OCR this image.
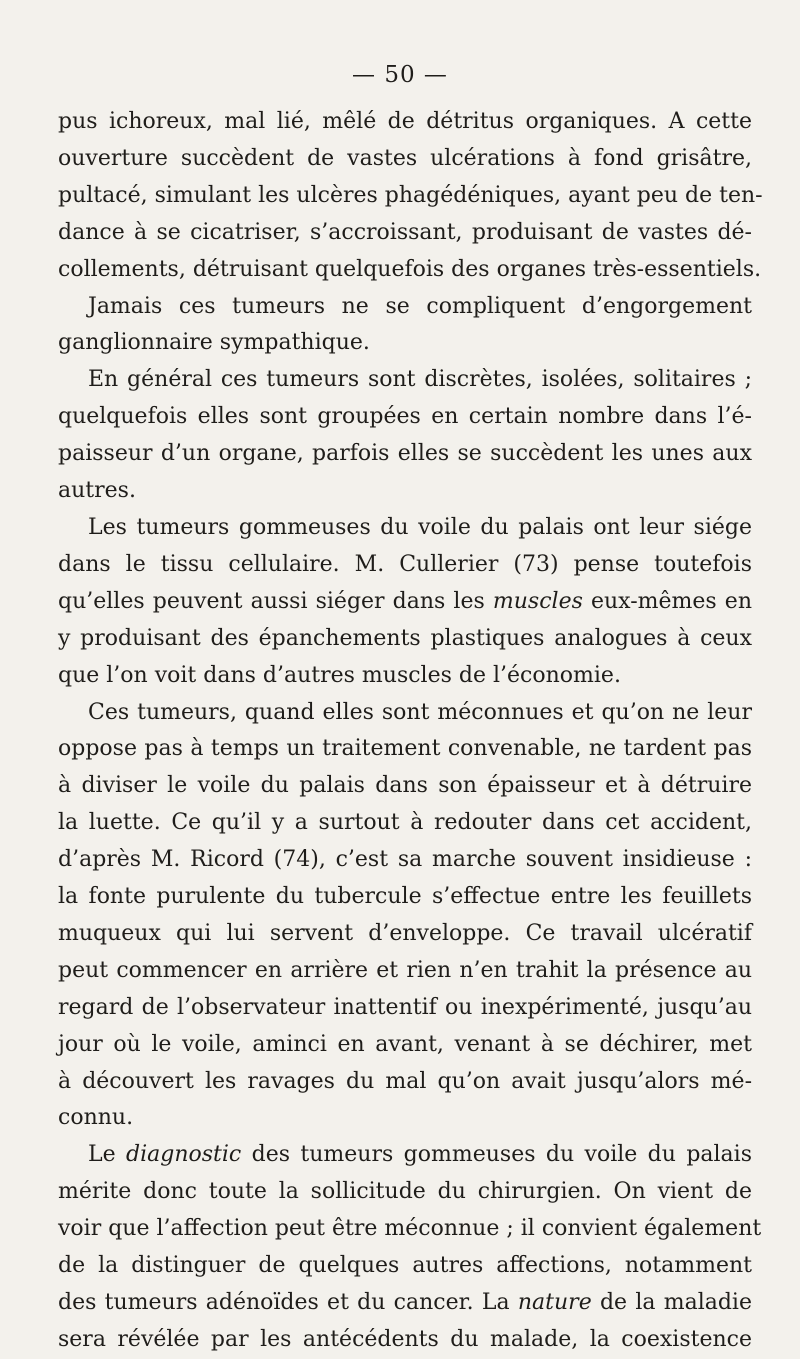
— 50 —
pus ichoreux, mal lié, mêlé de détritus organiques. A cette
ouverture succèdent de vastes ulcérations à fond grisâtre,
pultacé, simulant les ulcères phagédéniques, ayant peu de ten-
dance à se cicatriser, s’accroissant, produisant de vastes dé-
collements, détruisant quelquefois des organes très-essentiels.
Jamais ces tumeurs ne se compliquent d’engorgement
ganglionnaire sympathique.
En général ces tumeurs sont discrètes, isolées, solitaires ;
quelquefois elles sont groupées en certain nombre dans l’é-
paisseur d’un organe, parfois elles se succèdent les unes aux
autres.
Les tumeurs gommeuses du voile du palais ont leur siége
dans le tissu cellulaire. M. Cullerier (73) pense toutefois
qu’elles peuvent aussi siéger dans les muscles eux-mêmes en
y produisant des épanchements plastiques analogues à ceux
que l’on voit dans d’autres muscles de l’économie.
Ces tumeurs, quand elles sont méconnues et qu’on ne leur
oppose pas à temps un traitement convenable, ne tardent pas
à diviser le voile du palais dans son épaisseur et à détruire
la luette. Ce qu’il y a surtout à redouter dans cet accident,
d’après M. Ricord (74), c’est sa marche souvent insidieuse :
la fonte purulente du tubercule s’effectue entre les feuillets
muqueux qui lui servent d’enveloppe. Ce travail ulcératif
peut commencer en arrière et rien n’en trahit la présence au
regard de l’observateur inattentif ou inexpérimenté, jusqu’au
jour où le voile, aminci en avant, venant à se déchirer, met
à découvert les ravages du mal qu’on avait jusqu’alors mé-
connu.
Le diagnostic des tumeurs gommeuses du voile du palais
mérite donc toute la sollicitude du chirurgien. On vient de
voir que l’affection peut être méconnue ; il convient également
de la distinguer de quelques autres affections, notamment
des tumeurs adénoïdes et du cancer. La nature de la maladie
sera révélée par les antécédents du malade, la coexistence
